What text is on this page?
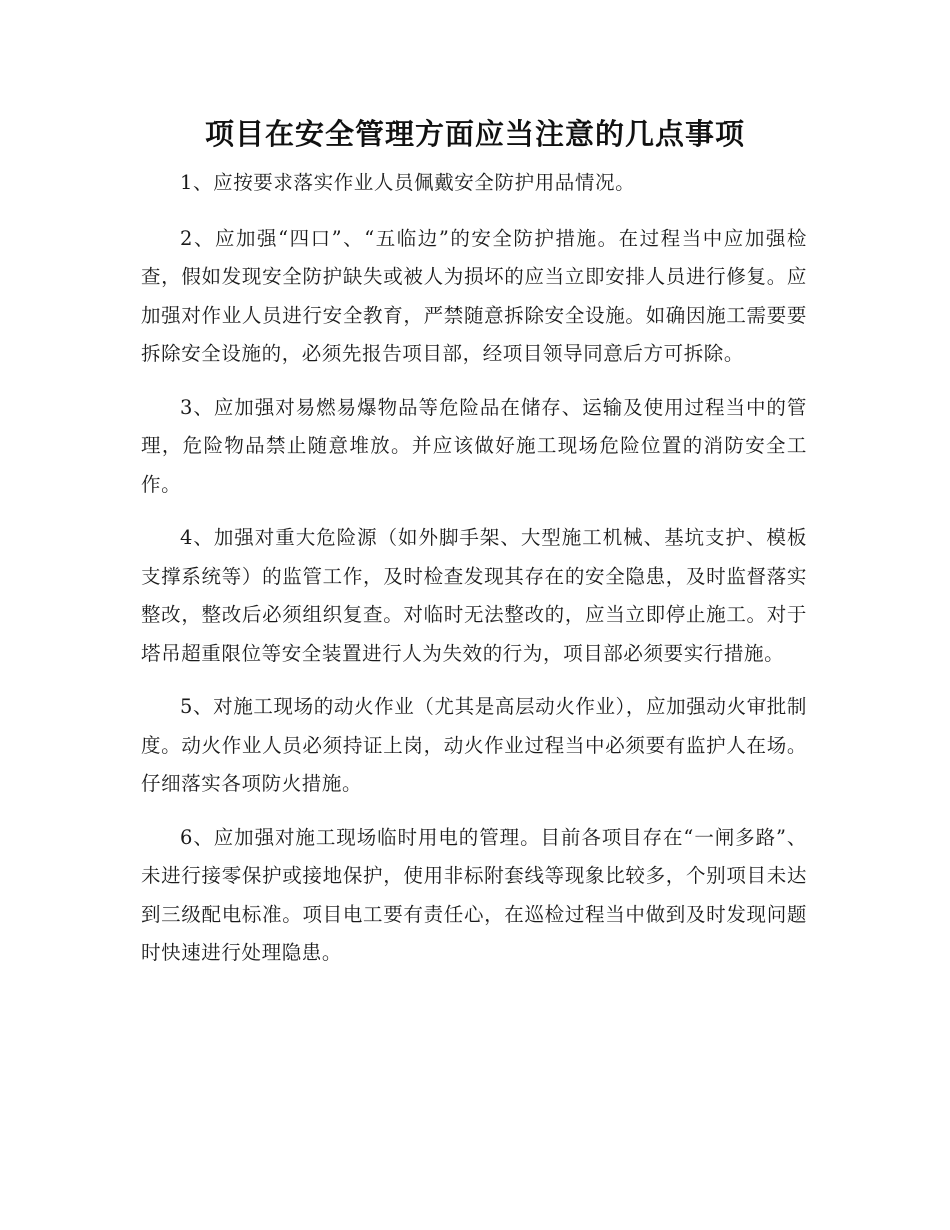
项目在安全管理方面应当注意的几点事项

1、应按要求落实作业人员佩戴安全防护用品情况。

2、应加强“四口”、“五临边”的安全防护措施。在过程当中应加强检查，假如发现安全防护缺失或被人为损坏的应当立即安排人员进行修复。应加强对作业人员进行安全教育，严禁随意拆除安全设施。如确因施工需要要拆除安全设施的，必须先报告项目部，经项目领导同意后方可拆除。

3、应加强对易燃易爆物品等危险品在储存、运输及使用过程当中的管理，危险物品禁止随意堆放。并应该做好施工现场危险位置的消防安全工作。

4、加强对重大危险源（如外脚手架、大型施工机械、基坑支护、模板支撑系统等）的监管工作，及时检查发现其存在的安全隐患，及时监督落实整改，整改后必须组织复查。对临时无法整改的，应当立即停止施工。对于塔吊超重限位等安全装置进行人为失效的行为，项目部必须要实行措施。

5、对施工现场的动火作业（尤其是高层动火作业），应加强动火审批制度。动火作业人员必须持证上岗，动火作业过程当中必须要有监护人在场。仔细落实各项防火措施。

6、应加强对施工现场临时用电的管理。目前各项目存在“一闸多路”、未进行接零保护或接地保护，使用非标附套线等现象比较多，个别项目未达到三级配电标准。项目电工要有责任心，在巡检过程当中做到及时发现问题时快速进行处理隐患。
